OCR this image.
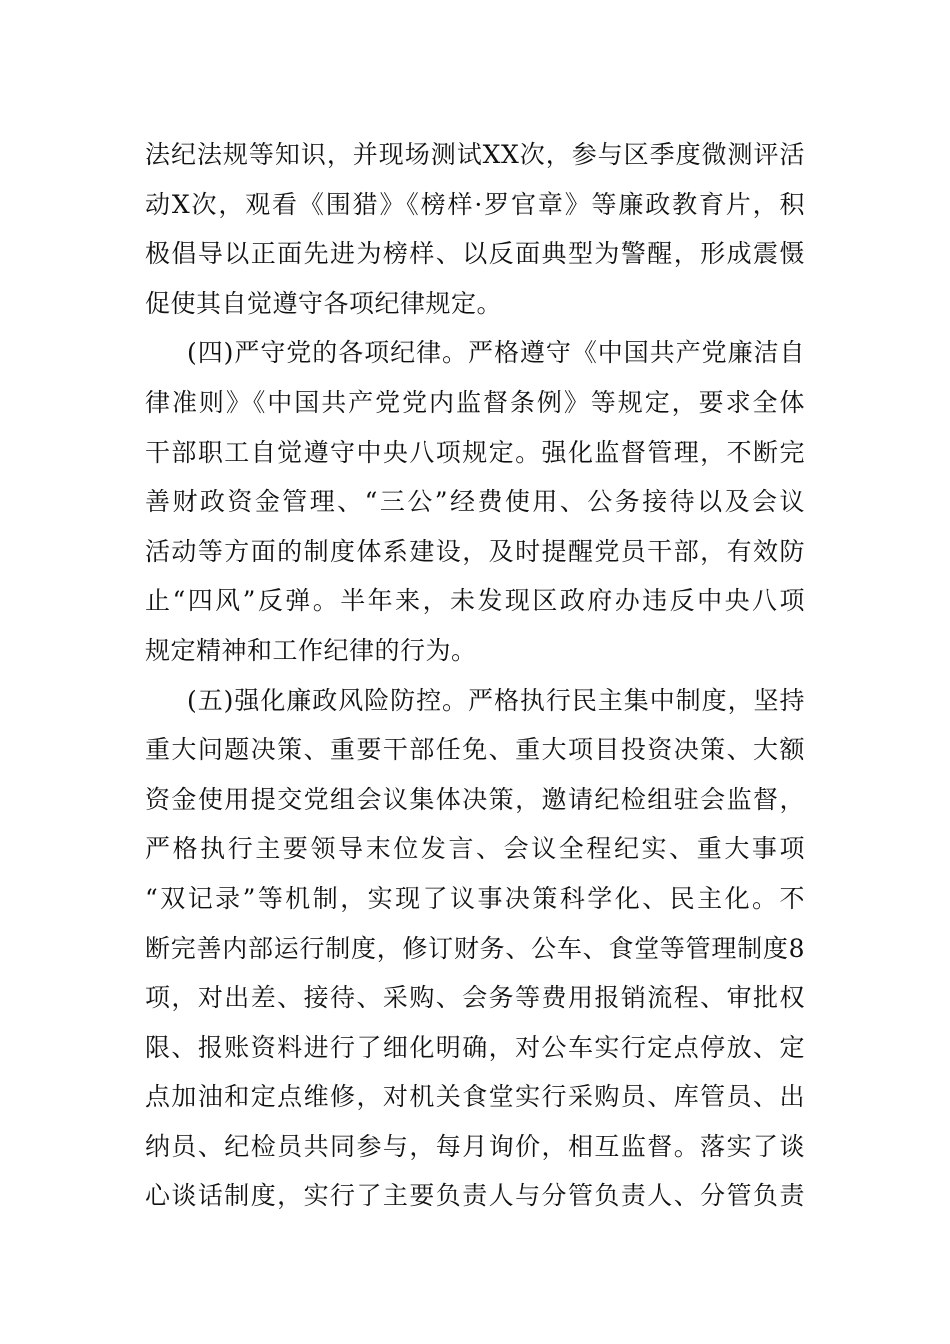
法纪法规等知识，并现场测试XX次，参与区季度微测评活
动X次，观看《围猎》《榜样·罗官章》等廉政教育片，积
极倡导以正面先进为榜样、以反面典型为警醒，形成震慑
促使其自觉遵守各项纪律规定。
(四)严守党的各项纪律。严格遵守《中国共产党廉洁自
律准则》《中国共产党党内监督条例》等规定，要求全体
干部职工自觉遵守中央八项规定。强化监督管理，不断完
善财政资金管理、“三公”经费使用、公务接待以及会议
活动等方面的制度体系建设，及时提醒党员干部，有效防
止“四风”反弹。半年来，未发现区政府办违反中央八项
规定精神和工作纪律的行为。
(五)强化廉政风险防控。严格执行民主集中制度，坚持
重大问题决策、重要干部任免、重大项目投资决策、大额
资金使用提交党组会议集体决策，邀请纪检组驻会监督，
严格执行主要领导末位发言、会议全程纪实、重大事项
“双记录”等机制，实现了议事决策科学化、民主化。不
断完善内部运行制度，修订财务、公车、食堂等管理制度8
项，对出差、接待、采购、会务等费用报销流程、审批权
限、报账资料进行了细化明确，对公车实行定点停放、定
点加油和定点维修，对机关食堂实行采购员、库管员、出
纳员、纪检员共同参与，每月询价，相互监督。落实了谈
心谈话制度，实行了主要负责人与分管负责人、分管负责
